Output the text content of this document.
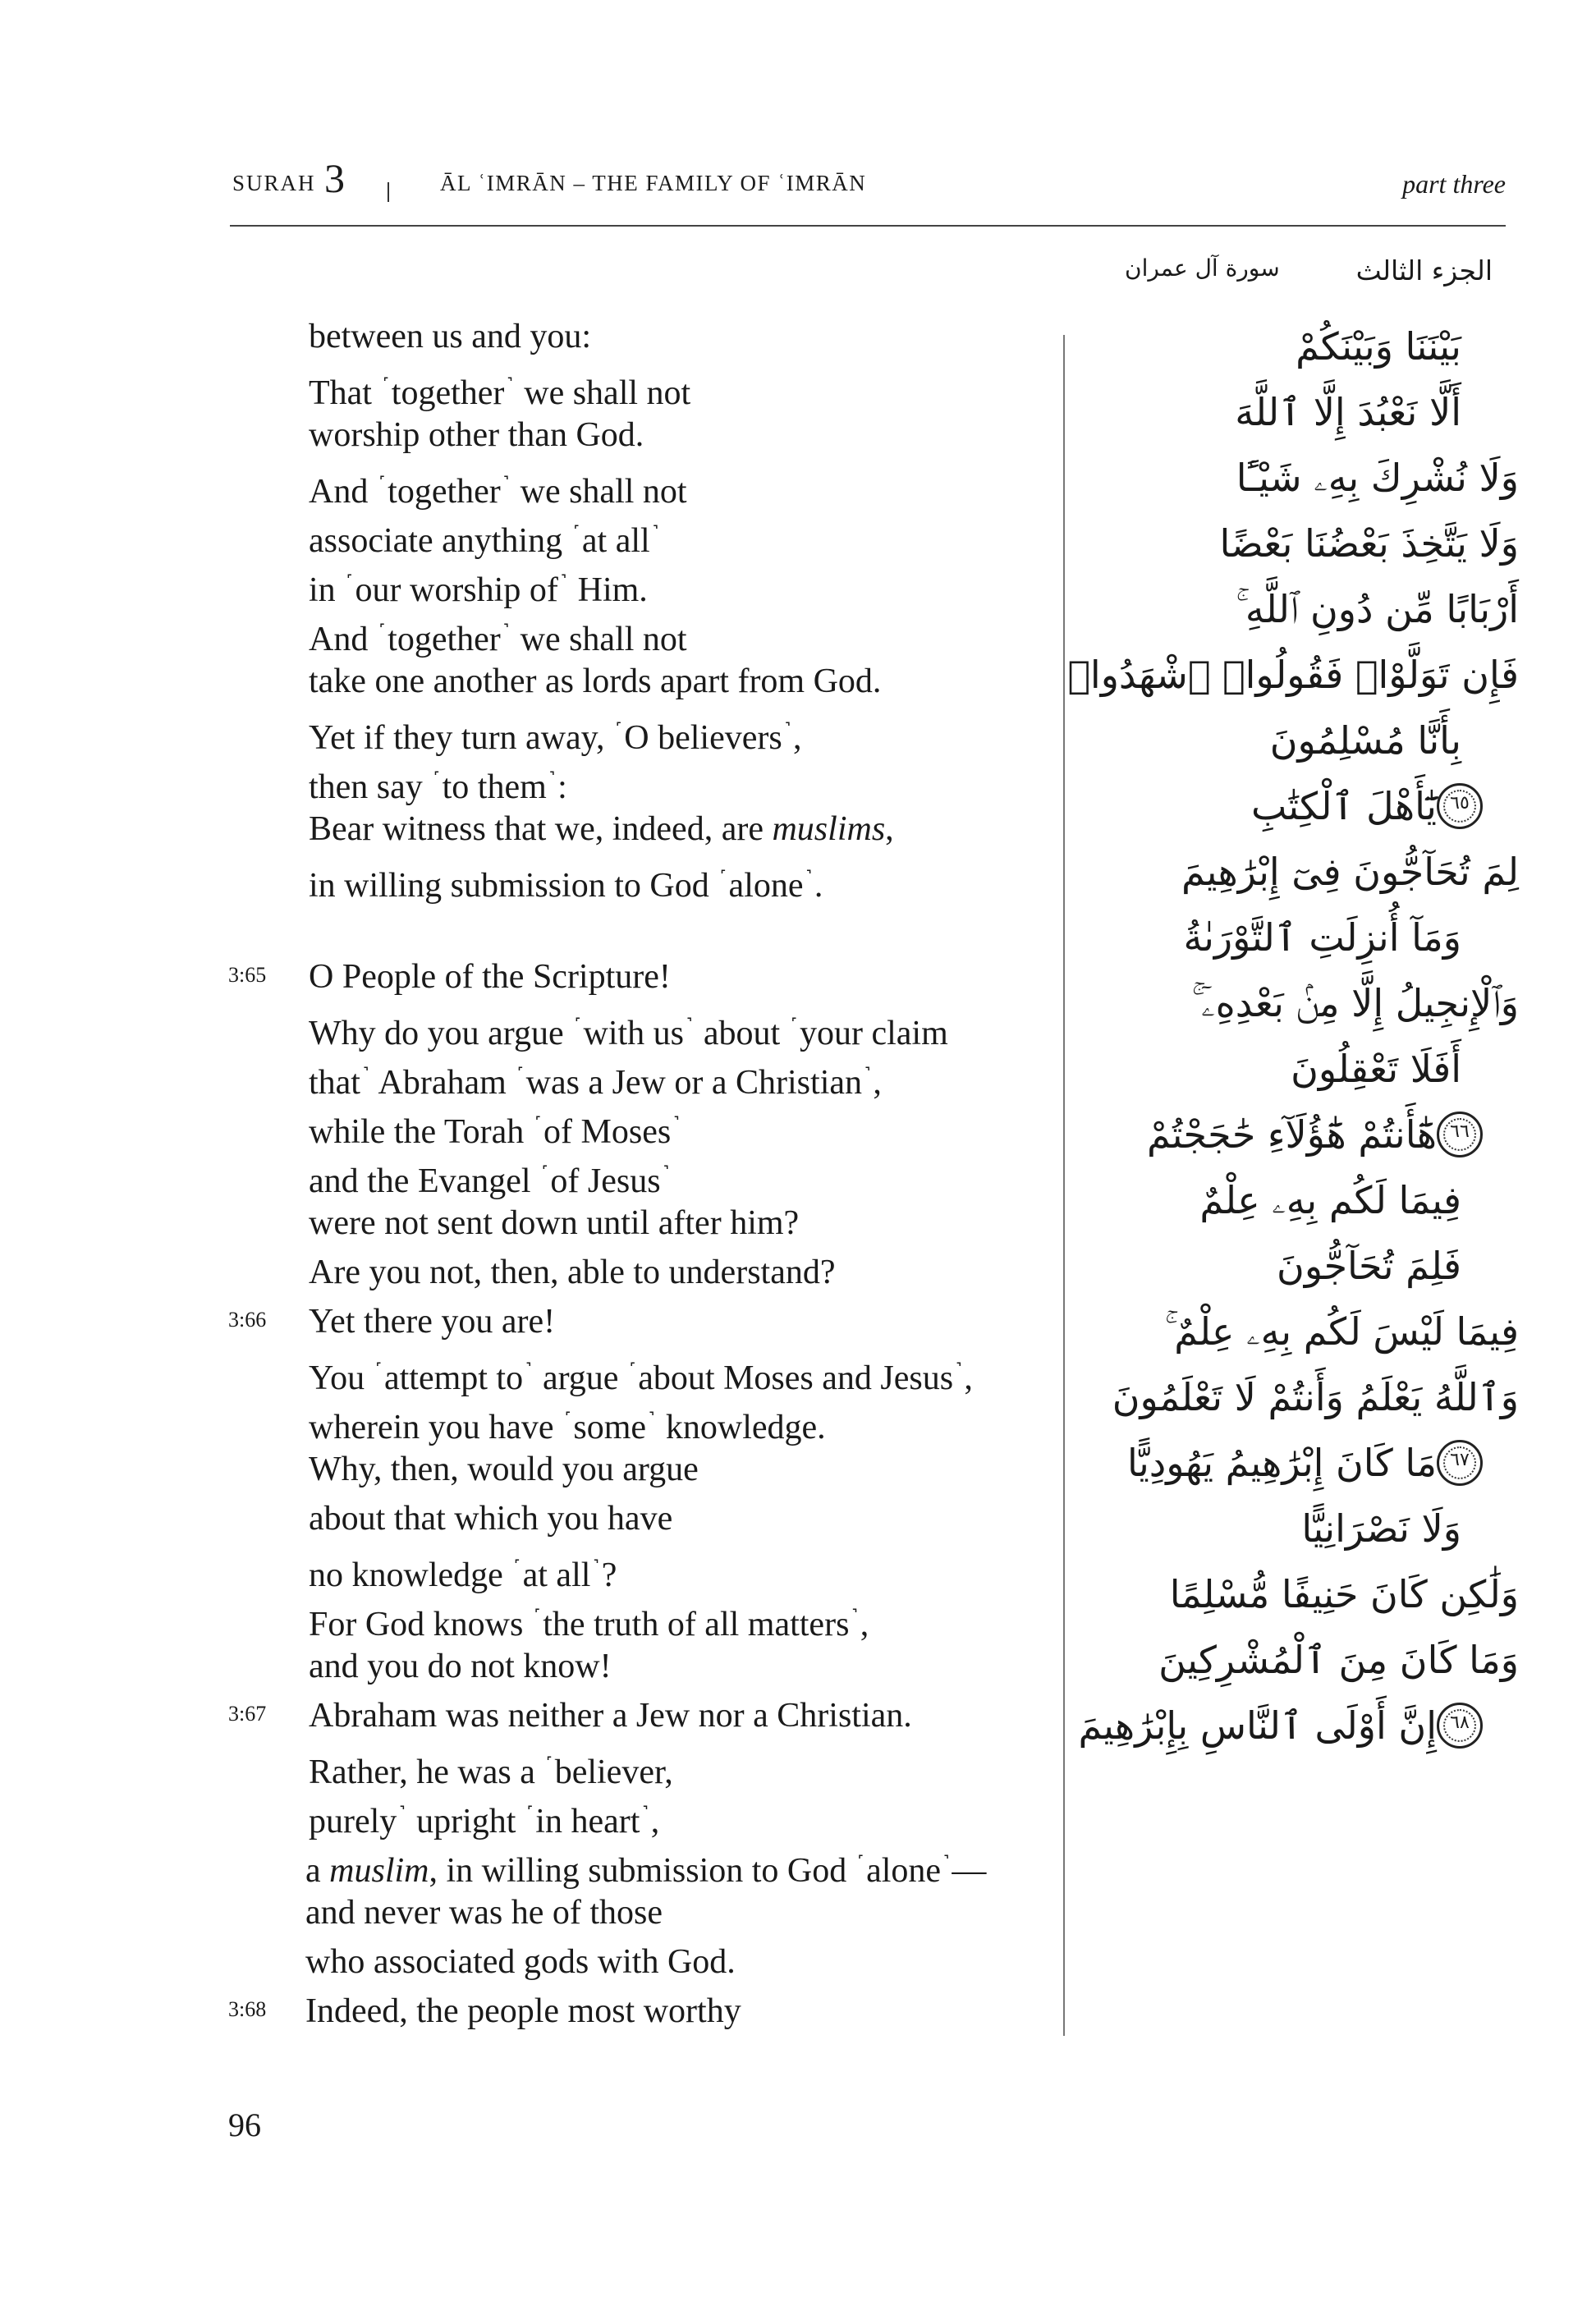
SURAH 3	ĀL ʿIMRĀN – THE FAMILY OF ʿIMRĀN	part three
الجزء الثالث
سورة آل عمران
between us and you:
That ˹together˺ we shall not
worship other than God.
And ˹together˺ we shall not
associate anything ˹at all˺
in ˹our worship of˺ Him.
And ˹together˺ we shall not
take one another as lords apart from God.
Yet if they turn away, ˹O believers˺,
then say ˹to them˺:
Bear witness that we, indeed, are muslims,
in willing submission to God ˹alone˺.
3:65 O People of the Scripture!
Why do you argue ˹with us˺ about ˹your claim
that˺ Abraham ˹was a Jew or a Christian˺,
while the Torah ˹of Moses˺
and the Evangel ˹of Jesus˺
were not sent down until after him?
Are you not, then, able to understand?
3:66 Yet there you are!
You ˹attempt to˺ argue ˹about Moses and Jesus˺,
wherein you have ˹some˺ knowledge.
Why, then, would you argue
about that which you have
no knowledge ˹at all˺?
For God knows ˹the truth of all matters˺,
and you do not know!
3:67 Abraham was neither a Jew nor a Christian.
Rather, he was a ˹believer,
purely˺ upright ˹in heart˺,
a muslim, in willing submission to God ˹alone˺—
and never was he of those
who associated gods with God.
3:68 Indeed, the people most worthy
بَيْنَنَا وَبَيْنَكُمْ
أَلَّا نَعْبُدَ إِلَّا ٱللَّهَ
وَلَا نُشْرِكَ بِهِۦ شَيْـًٔا
وَلَا يَتَّخِذَ بَعْضُنَا بَعْضًا
أَرْبَابًا مِّن دُونِ ٱللَّهِ ۚ
فَإِن تَوَلَّوْا۟ فَقُولُوا۟ ٱشْهَدُوا۟
بِأَنَّا مُسْلِمُونَ
٦٥
يَٰٓأَهْلَ ٱلْكِتَٰبِ
لِمَ تُحَآجُّونَ فِىٓ إِبْرَٰهِيمَ
وَمَآ أُنزِلَتِ ٱلتَّوْرَىٰةُ
وَٱلْإِنجِيلُ إِلَّا مِنۢ بَعْدِهِۦٓ ۚ
أَفَلَا تَعْقِلُونَ
٦٦
هَٰٓأَنتُمْ هَٰٓؤُلَآءِ حَٰجَجْتُمْ
فِيمَا لَكُم بِهِۦ عِلْمٌ
فَلِمَ تُحَآجُّونَ
فِيمَا لَيْسَ لَكُم بِهِۦ عِلْمٌ ۚ
وَٱللَّهُ يَعْلَمُ وَأَنتُمْ لَا تَعْلَمُونَ
٦٧
مَا كَانَ إِبْرَٰهِيمُ يَهُودِيًّا
وَلَا نَصْرَانِيًّا
وَلَٰكِن كَانَ حَنِيفًا مُّسْلِمًا
وَمَا كَانَ مِنَ ٱلْمُشْرِكِينَ
٦٨
إِنَّ أَوْلَى ٱلنَّاسِ بِإِبْرَٰهِيمَ
96
